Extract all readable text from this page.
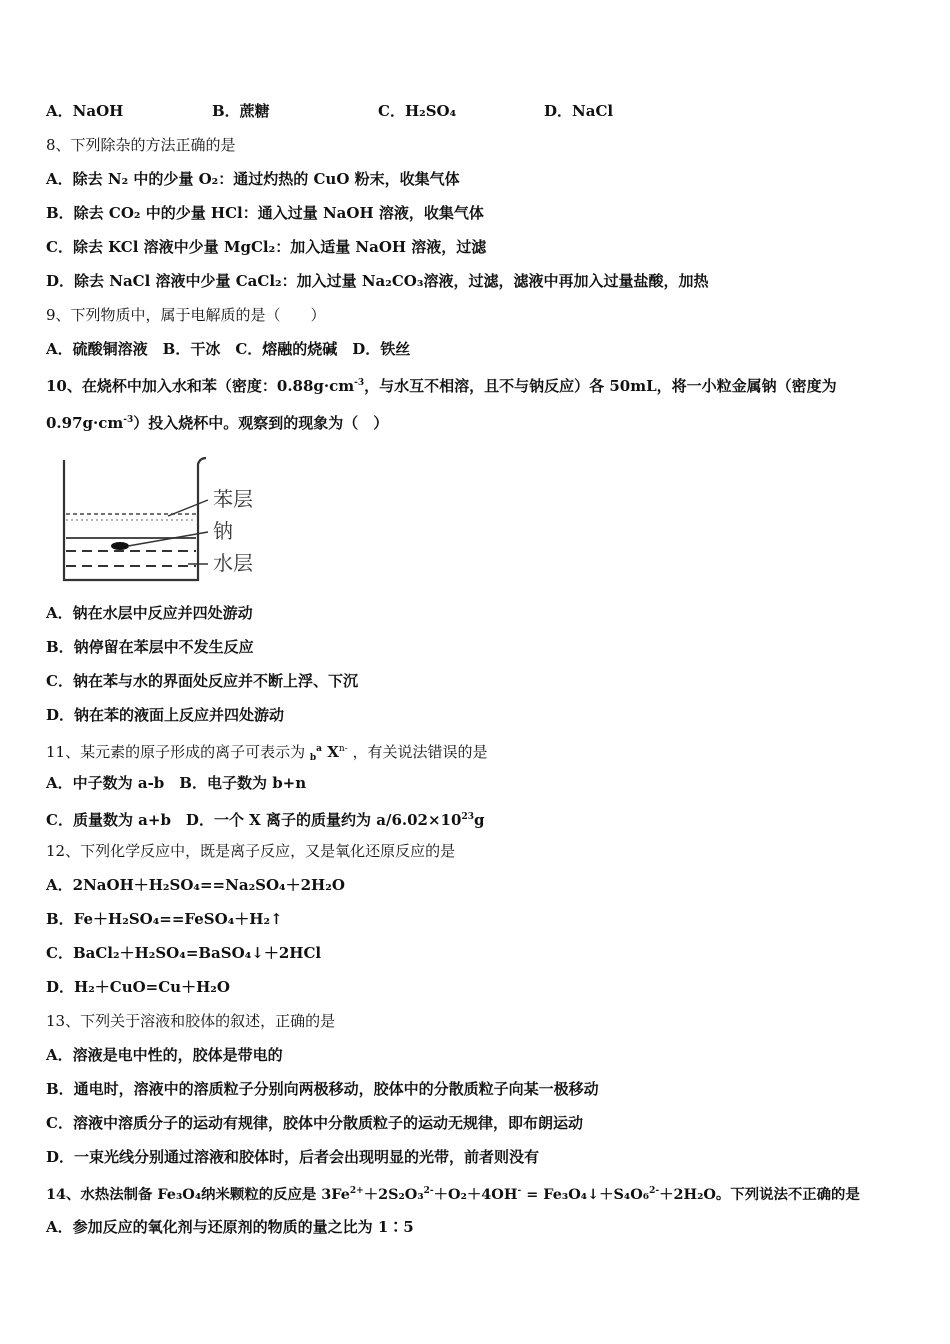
A．NaOH	B．蔗糖	C．H₂SO₄	D．NaCl
8、下列除杂的方法正确的是
A．除去 N₂ 中的少量 O₂：通过灼热的 CuO 粉末，收集气体
B．除去 CO₂ 中的少量 HCl：通入过量 NaOH 溶液，收集气体
C．除去 KCl 溶液中少量 MgCl₂：加入适量 NaOH 溶液，过滤
D．除去 NaCl 溶液中少量 CaCl₂：加入过量 Na₂CO₃溶液，过滤，滤液中再加入过量盐酸，加热
9、下列物质中，属于电解质的是（　　）
A．硫酸铜溶液　B．干冰　C．熔融的烧碱　D．铁丝
10、在烧杯中加入水和苯（密度：$0.88g\cdot cm^{-3}$，与水互不相溶，且不与钠反应）各 50mL，将一小粒金属钠（密度为
$0.97g\cdot cm^{-3}$）投入烧杯中。观察到的现象为（　）
苯层
钠
水层
A．钠在水层中反应并四处游动
B．钠停留在苯层中不发生反应
C．钠在苯与水的界面处反应并不断上浮、下沉
D．钠在苯的液面上反应并四处游动
11、某元素的原子形成的离子可表示为 $_b^a$ $X^{n-}$ ，有关说法错误的是
A．中子数为 a-b　B．电子数为 b+n
C．质量数为 a+b　D．一个 X 离子的质量约为 $a/6.02\times 10^{23}g$
12、下列化学反应中，既是离子反应，又是氧化还原反应的是
A．2NaOH＋H₂SO₄==Na₂SO₄＋2H₂O
B．Fe＋H₂SO₄==FeSO₄＋H₂↑
C．BaCl₂＋H₂SO₄=BaSO₄↓＋2HCl
D．H₂＋CuO=Cu＋H₂O
13、下列关于溶液和胶体的叙述，正确的是
A．溶液是电中性的，胶体是带电的
B．通电时，溶液中的溶质粒子分别向两极移动，胶体中的分散质粒子向某一极移动
C．溶液中溶质分子的运动有规律，胶体中分散质粒子的运动无规律，即布朗运动
D．一束光线分别通过溶液和胶体时，后者会出现明显的光带，前者则没有
14、水热法制备 Fe₃O₄纳米颗粒的反应是 $3Fe^{2+}+2S_2O_3^{2-}+O_2+4OH^-$ = Fe₃O₄↓＋S₄O₆$^{2-}$＋2H₂O。下列说法不正确的是
A．参加反应的氧化剂与还原剂的物质的量之比为 1∶5
